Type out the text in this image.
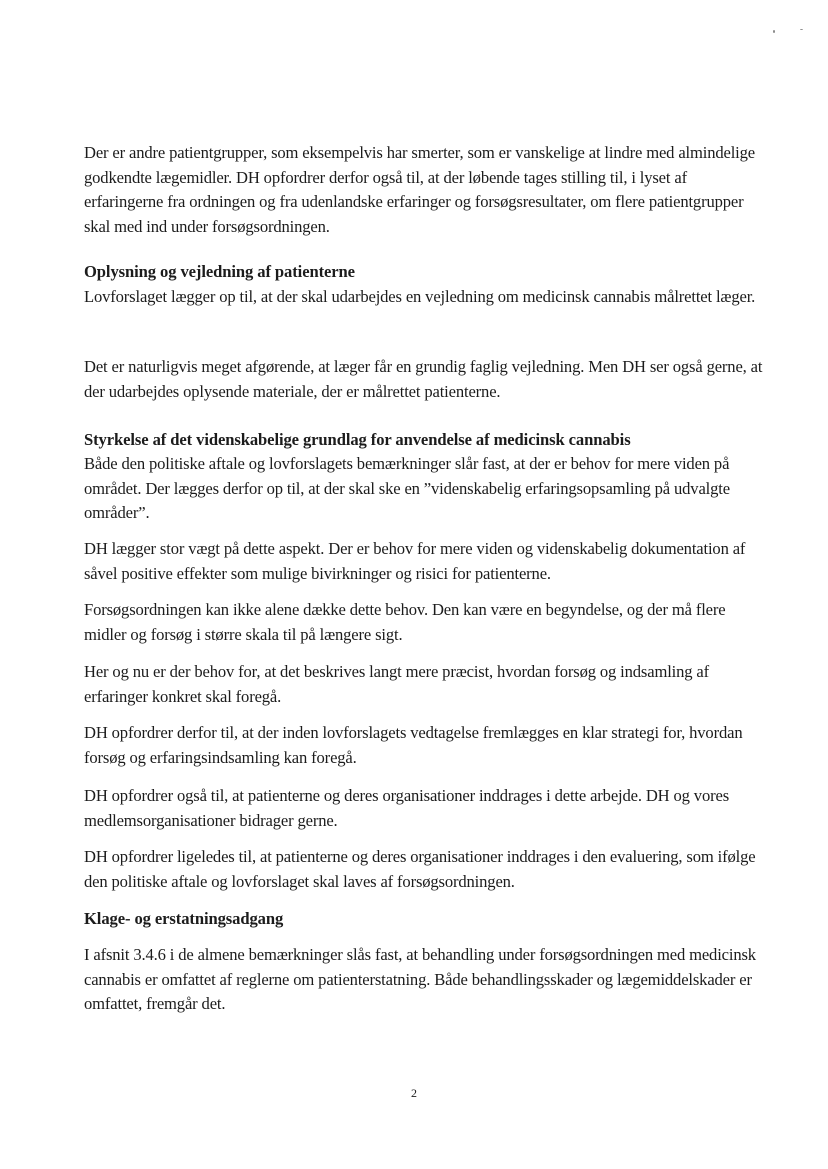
Der er andre patientgrupper, som eksempelvis har smerter, som er vanskelige at lindre med almindelige godkendte lægemidler. DH opfordrer derfor også til, at der løbende tages stilling til, i lyset af erfaringerne fra ordningen og fra udenlandske erfaringer og forsøgsresultater, om flere patientgrupper skal med ind under forsøgsordningen.

Oplysning og vejledning af patienterne

Lovforslaget lægger op til, at der skal udarbejdes en vejledning om medicinsk cannabis målrettet læger.

Det er naturligvis meget afgørende, at læger får en grundig faglig vejledning. Men DH ser også gerne, at der udarbejdes oplysende materiale, der er målrettet patienterne.

Styrkelse af det videnskabelige grundlag for anvendelse af medicinsk cannabis

Både den politiske aftale og lovforslagets bemærkninger slår fast, at der er behov for mere viden på området. Der lægges derfor op til, at der skal ske en ”videnskabelig erfaringsopsamling på udvalgte områder”.

DH lægger stor vægt på dette aspekt. Der er behov for mere viden og videnskabelig dokumentation af såvel positive effekter som mulige bivirkninger og risici for patienterne.

Forsøgsordningen kan ikke alene dække dette behov. Den kan være en begyndelse, og der må flere midler og forsøg i større skala til på længere sigt.

Her og nu er der behov for, at det beskrives langt mere præcist, hvordan forsøg og indsamling af erfaringer konkret skal foregå.

DH opfordrer derfor til, at der inden lovforslagets vedtagelse fremlægges en klar strategi for, hvordan forsøg og erfaringsindsamling kan foregå.

DH opfordrer også til, at patienterne og deres organisationer inddrages i dette arbejde. DH og vores medlemsorganisationer bidrager gerne.

DH opfordrer ligeledes til, at patienterne og deres organisationer inddrages i den evaluering, som ifølge den politiske aftale og lovforslaget skal laves af forsøgsordningen.

Klage- og erstatningsadgang

I afsnit 3.4.6 i de almene bemærkninger slås fast, at behandling under forsøgsordningen med medicinsk cannabis er omfattet af reglerne om patienterstatning. Både behandlingsskader og lægemiddelskader er omfattet, fremgår det.

2
